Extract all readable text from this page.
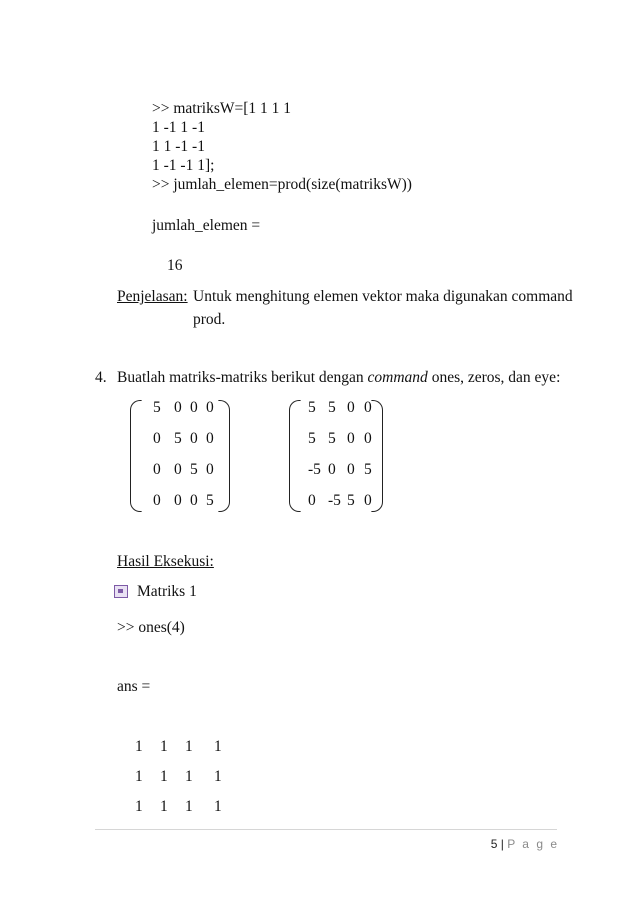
>> matriksW=[1 1 1 1
1 -1 1 -1
1 1 -1 -1
1 -1 -1 1];
>> jumlah_elemen=prod(size(matriksW))
jumlah_elemen =
16
Penjelasan: Untuk menghitung elemen vektor maka digunakan command
prod.
4. Buatlah matriks-matriks berikut dengan command ones, zeros, dan eye:
5 0 0 0
0 5 0 0
0 0 5 0
0 0 0 5
5 5 0 0
5 5 0 0
-5 0 0 5
0 -5 5 0
Hasil Eksekusi:
Matriks 1
>> ones(4)
ans =
1 1 1 1
1 1 1 1
1 1 1 1
5 | P a g e
